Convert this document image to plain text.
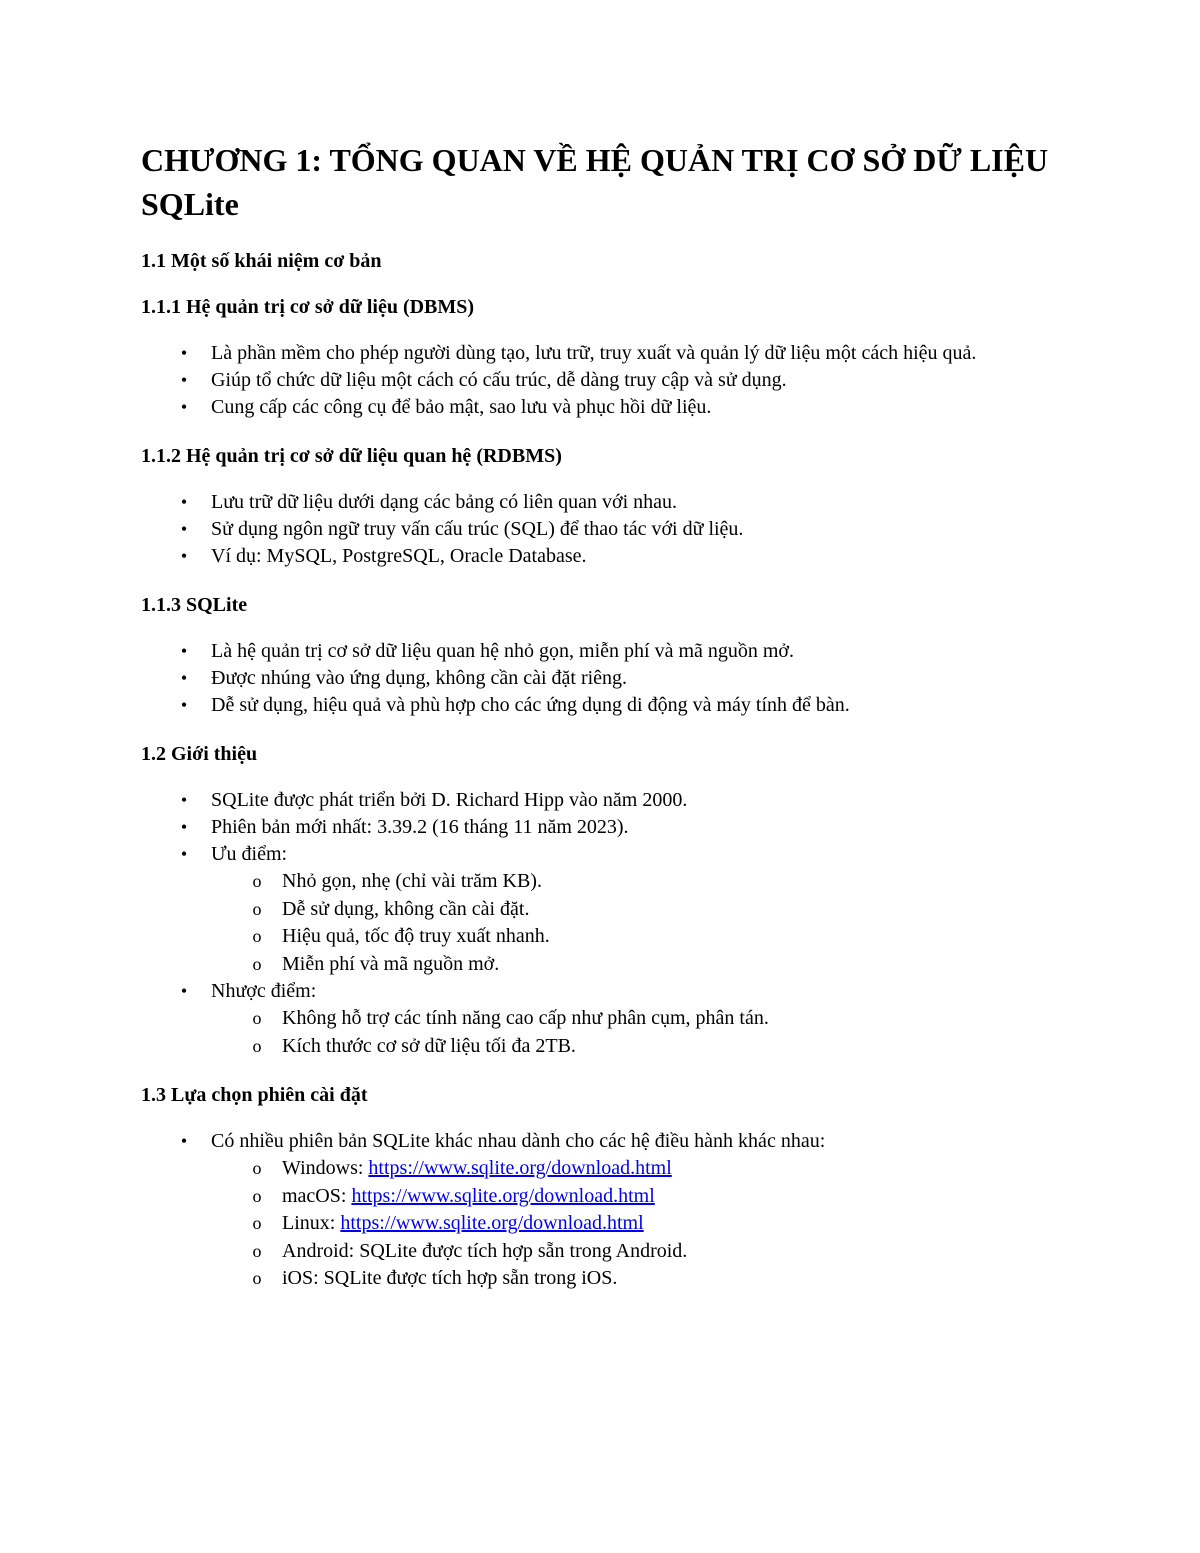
CHƯƠNG 1: TỔNG QUAN VỀ HỆ QUẢN TRỊ CƠ SỞ DỮ LIỆU SQLite
1.1 Một số khái niệm cơ bản
1.1.1 Hệ quản trị cơ sở dữ liệu (DBMS)
•	Là phần mềm cho phép người dùng tạo, lưu trữ, truy xuất và quản lý dữ liệu một cách hiệu quả.
•	Giúp tổ chức dữ liệu một cách có cấu trúc, dễ dàng truy cập và sử dụng.
•	Cung cấp các công cụ để bảo mật, sao lưu và phục hồi dữ liệu.
1.1.2 Hệ quản trị cơ sở dữ liệu quan hệ (RDBMS)
•	Lưu trữ dữ liệu dưới dạng các bảng có liên quan với nhau.
•	Sử dụng ngôn ngữ truy vấn cấu trúc (SQL) để thao tác với dữ liệu.
•	Ví dụ: MySQL, PostgreSQL, Oracle Database.
1.1.3 SQLite
•	Là hệ quản trị cơ sở dữ liệu quan hệ nhỏ gọn, miễn phí và mã nguồn mở.
•	Được nhúng vào ứng dụng, không cần cài đặt riêng.
•	Dễ sử dụng, hiệu quả và phù hợp cho các ứng dụng di động và máy tính để bàn.
1.2 Giới thiệu
•	SQLite được phát triển bởi D. Richard Hipp vào năm 2000.
•	Phiên bản mới nhất: 3.39.2 (16 tháng 11 năm 2023).
•	Ưu điểm:
o Nhỏ gọn, nhẹ (chỉ vài trăm KB).
o Dễ sử dụng, không cần cài đặt.
o Hiệu quả, tốc độ truy xuất nhanh.
o Miễn phí và mã nguồn mở.
•	Nhược điểm:
o Không hỗ trợ các tính năng cao cấp như phân cụm, phân tán.
o Kích thước cơ sở dữ liệu tối đa 2TB.
1.3 Lựa chọn phiên cài đặt
•	Có nhiều phiên bản SQLite khác nhau dành cho các hệ điều hành khác nhau:
o Windows: https://www.sqlite.org/download.html
o macOS: https://www.sqlite.org/download.html
o Linux: https://www.sqlite.org/download.html
o Android: SQLite được tích hợp sẵn trong Android.
o iOS: SQLite được tích hợp sẵn trong iOS.
